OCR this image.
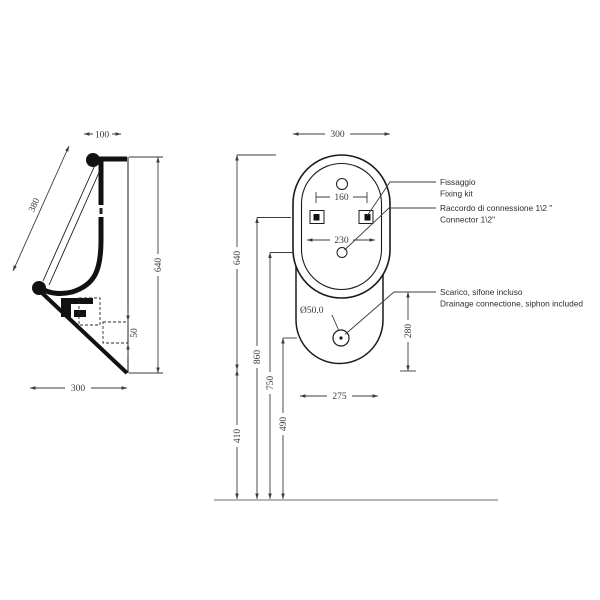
100
380
640
300
50
160
230
Ø50.0
280
275
300
640
410
860
750
490
Fissaggio
Fixing kit
Raccordo di connessione 1\2 "
Connector 1\2"
Scarico, sifone incluso
Drainage connectione, siphon included
